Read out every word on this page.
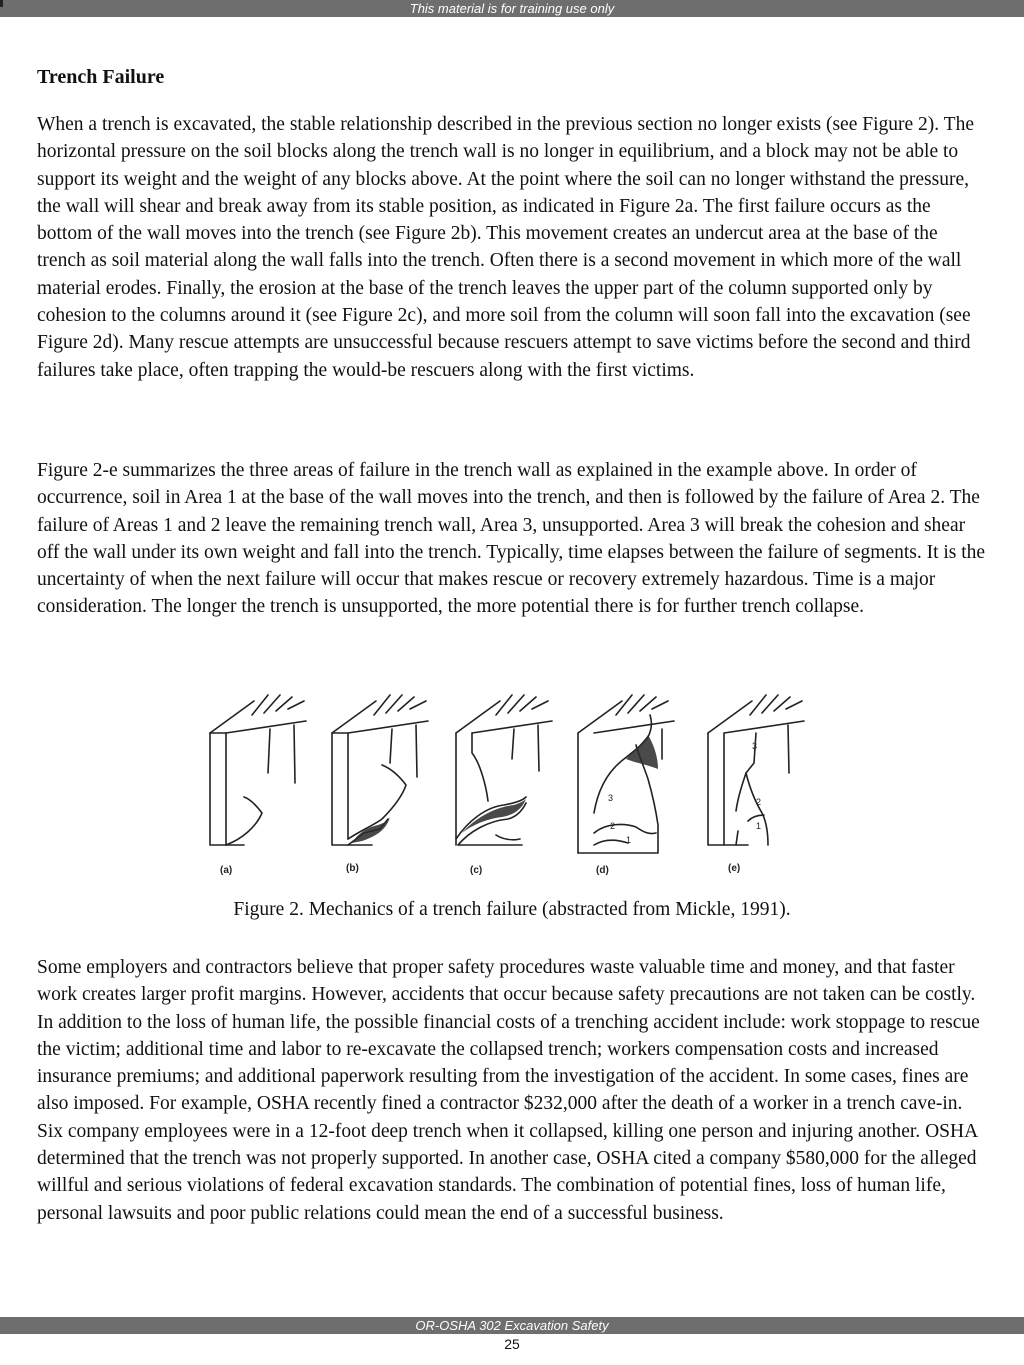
This material is for training use only
Trench Failure

When a trench is excavated, the stable relationship described in the previous section no longer exists (see Figure 2). The horizontal pressure on the soil blocks along the trench wall is no longer in equilibrium, and a block may not be able to support its weight and the weight of any blocks above. At the point where the soil can no longer withstand the pressure, the wall will shear and break away from its stable position, as indicated in Figure 2a. The first failure occurs as the bottom of the wall moves into the trench (see Figure 2b). This movement creates an undercut area at the base of the trench as soil material along the wall falls into the trench. Often there is a second movement in which more of the wall material erodes. Finally, the erosion at the base of the trench leaves the upper part of the column supported only by cohesion to the columns around it (see Figure 2c), and more soil from the column will soon fall into the excavation (see Figure 2d). Many rescue attempts are unsuccessful because rescuers attempt to save victims before the second and third failures take place, often trapping the would-be rescuers along with the first victims.

Figure 2-e summarizes the three areas of failure in the trench wall as explained in the example above. In order of occurrence, soil in Area 1 at the base of the wall moves into the trench, and then is followed by the failure of Area 2. The failure of Areas 1 and 2 leave the remaining trench wall, Area 3, unsupported. Area 3 will break the cohesion and shear off the wall under its own weight and fall into the trench. Typically, time elapses between the failure of segments. It is the uncertainty of when the next failure will occur that makes rescue or recovery extremely hazardous. Time is a major consideration. The longer the trench is unsupported, the more potential there is for further trench collapse.

3
2
1
3
2
1
(a)	(b)	(c)	(d)	(e)
Figure 2. Mechanics of a trench failure (abstracted from Mickle, 1991).

Some employers and contractors believe that proper safety procedures waste valuable time and money, and that faster work creates larger profit margins. However, accidents that occur because safety precautions are not taken can be costly. In addition to the loss of human life, the possible financial costs of a trenching accident include: work stoppage to rescue the victim; additional time and labor to re-excavate the collapsed trench; workers compensation costs and increased insurance premiums; and additional paperwork resulting from the investigation of the accident. In some cases, fines are also imposed. For example, OSHA recently fined a contractor $232,000 after the death of a worker in a trench cave-in. Six company employees were in a 12-foot deep trench when it collapsed, killing one person and injuring another. OSHA determined that the trench was not properly supported. In another case, OSHA cited a company $580,000 for the alleged willful and serious violations of federal excavation standards. The combination of potential fines, loss of human life, personal lawsuits and poor public relations could mean the end of a successful business.

OR-OSHA 302 Excavation Safety
25
